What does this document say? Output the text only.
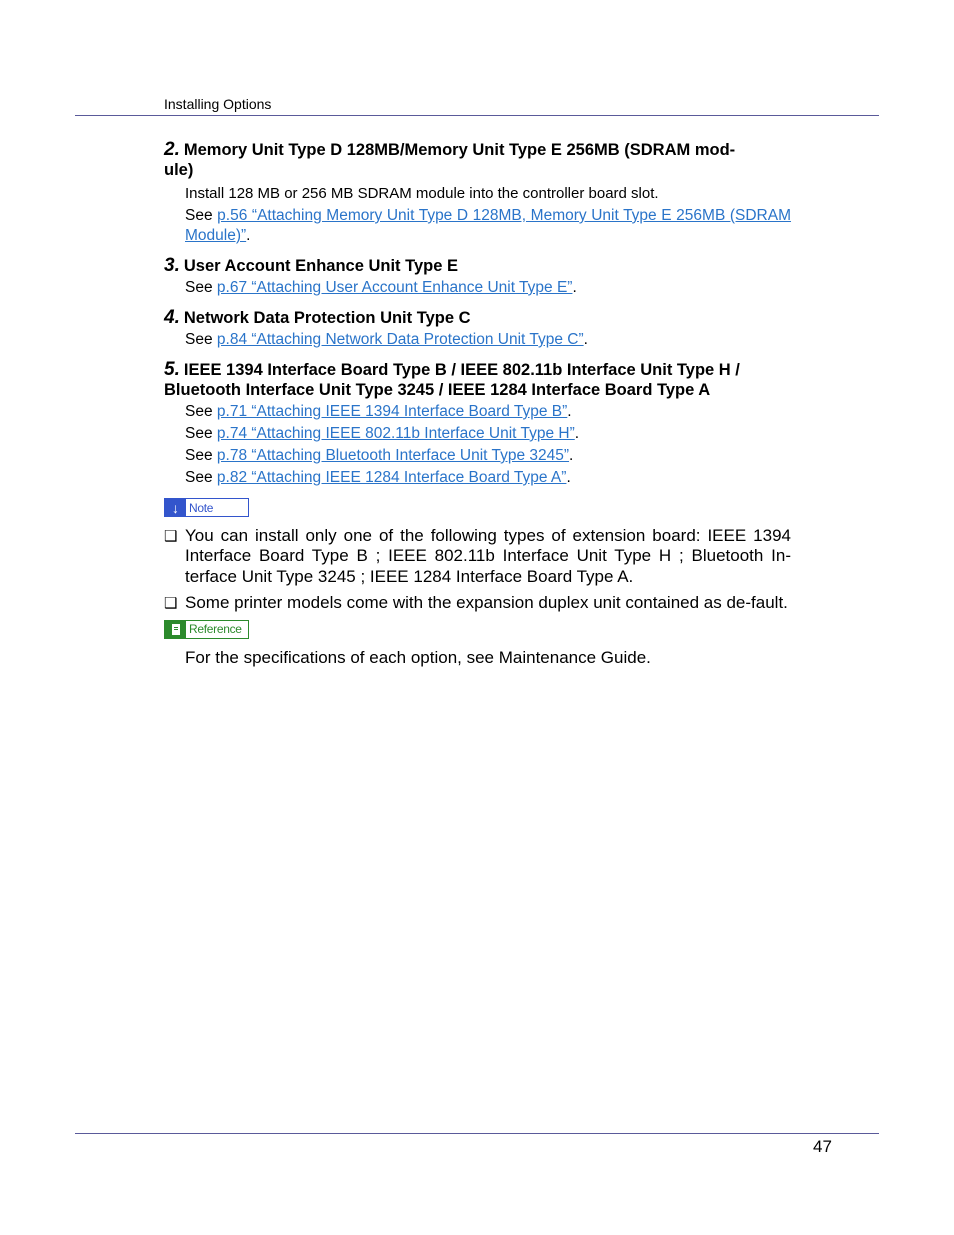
Installing Options
2. Memory Unit Type D 128MB/Memory Unit Type E 256MB (SDRAM mod-
ule)

Install 128 MB or 256 MB SDRAM module into the controller board slot.

See p.56 “Attaching Memory Unit Type D 128MB, Memory Unit Type E 256MB (SDRAM Module)”.

3. User Account Enhance Unit Type E

See p.67 “Attaching User Account Enhance Unit Type E”.

4. Network Data Protection Unit Type C

See p.84 “Attaching Network Data Protection Unit Type C”.

5. IEEE 1394 Interface Board Type B / IEEE 802.11b Interface Unit Type H /
Bluetooth Interface Unit Type 3245 / IEEE 1284 Interface Board Type A

See p.71 “Attaching IEEE 1394 Interface Board Type B”.

See p.74 “Attaching IEEE 802.11b Interface Unit Type H”.

See p.78 “Attaching Bluetooth Interface Unit Type 3245”.

See p.82 “Attaching IEEE 1284 Interface Board Type A”.

↓ Note
❑ You can install only one of the following types of extension board: IEEE 1394 Interface Board Type B ; IEEE 802.11b Interface Unit Type H ; Bluetooth In-terface Unit Type 3245 ; IEEE 1284 Interface Board Type A.
❑ Some printer models come with the expansion duplex unit contained as de-fault.
Reference

For the specifications of each option, see Maintenance Guide.

47
